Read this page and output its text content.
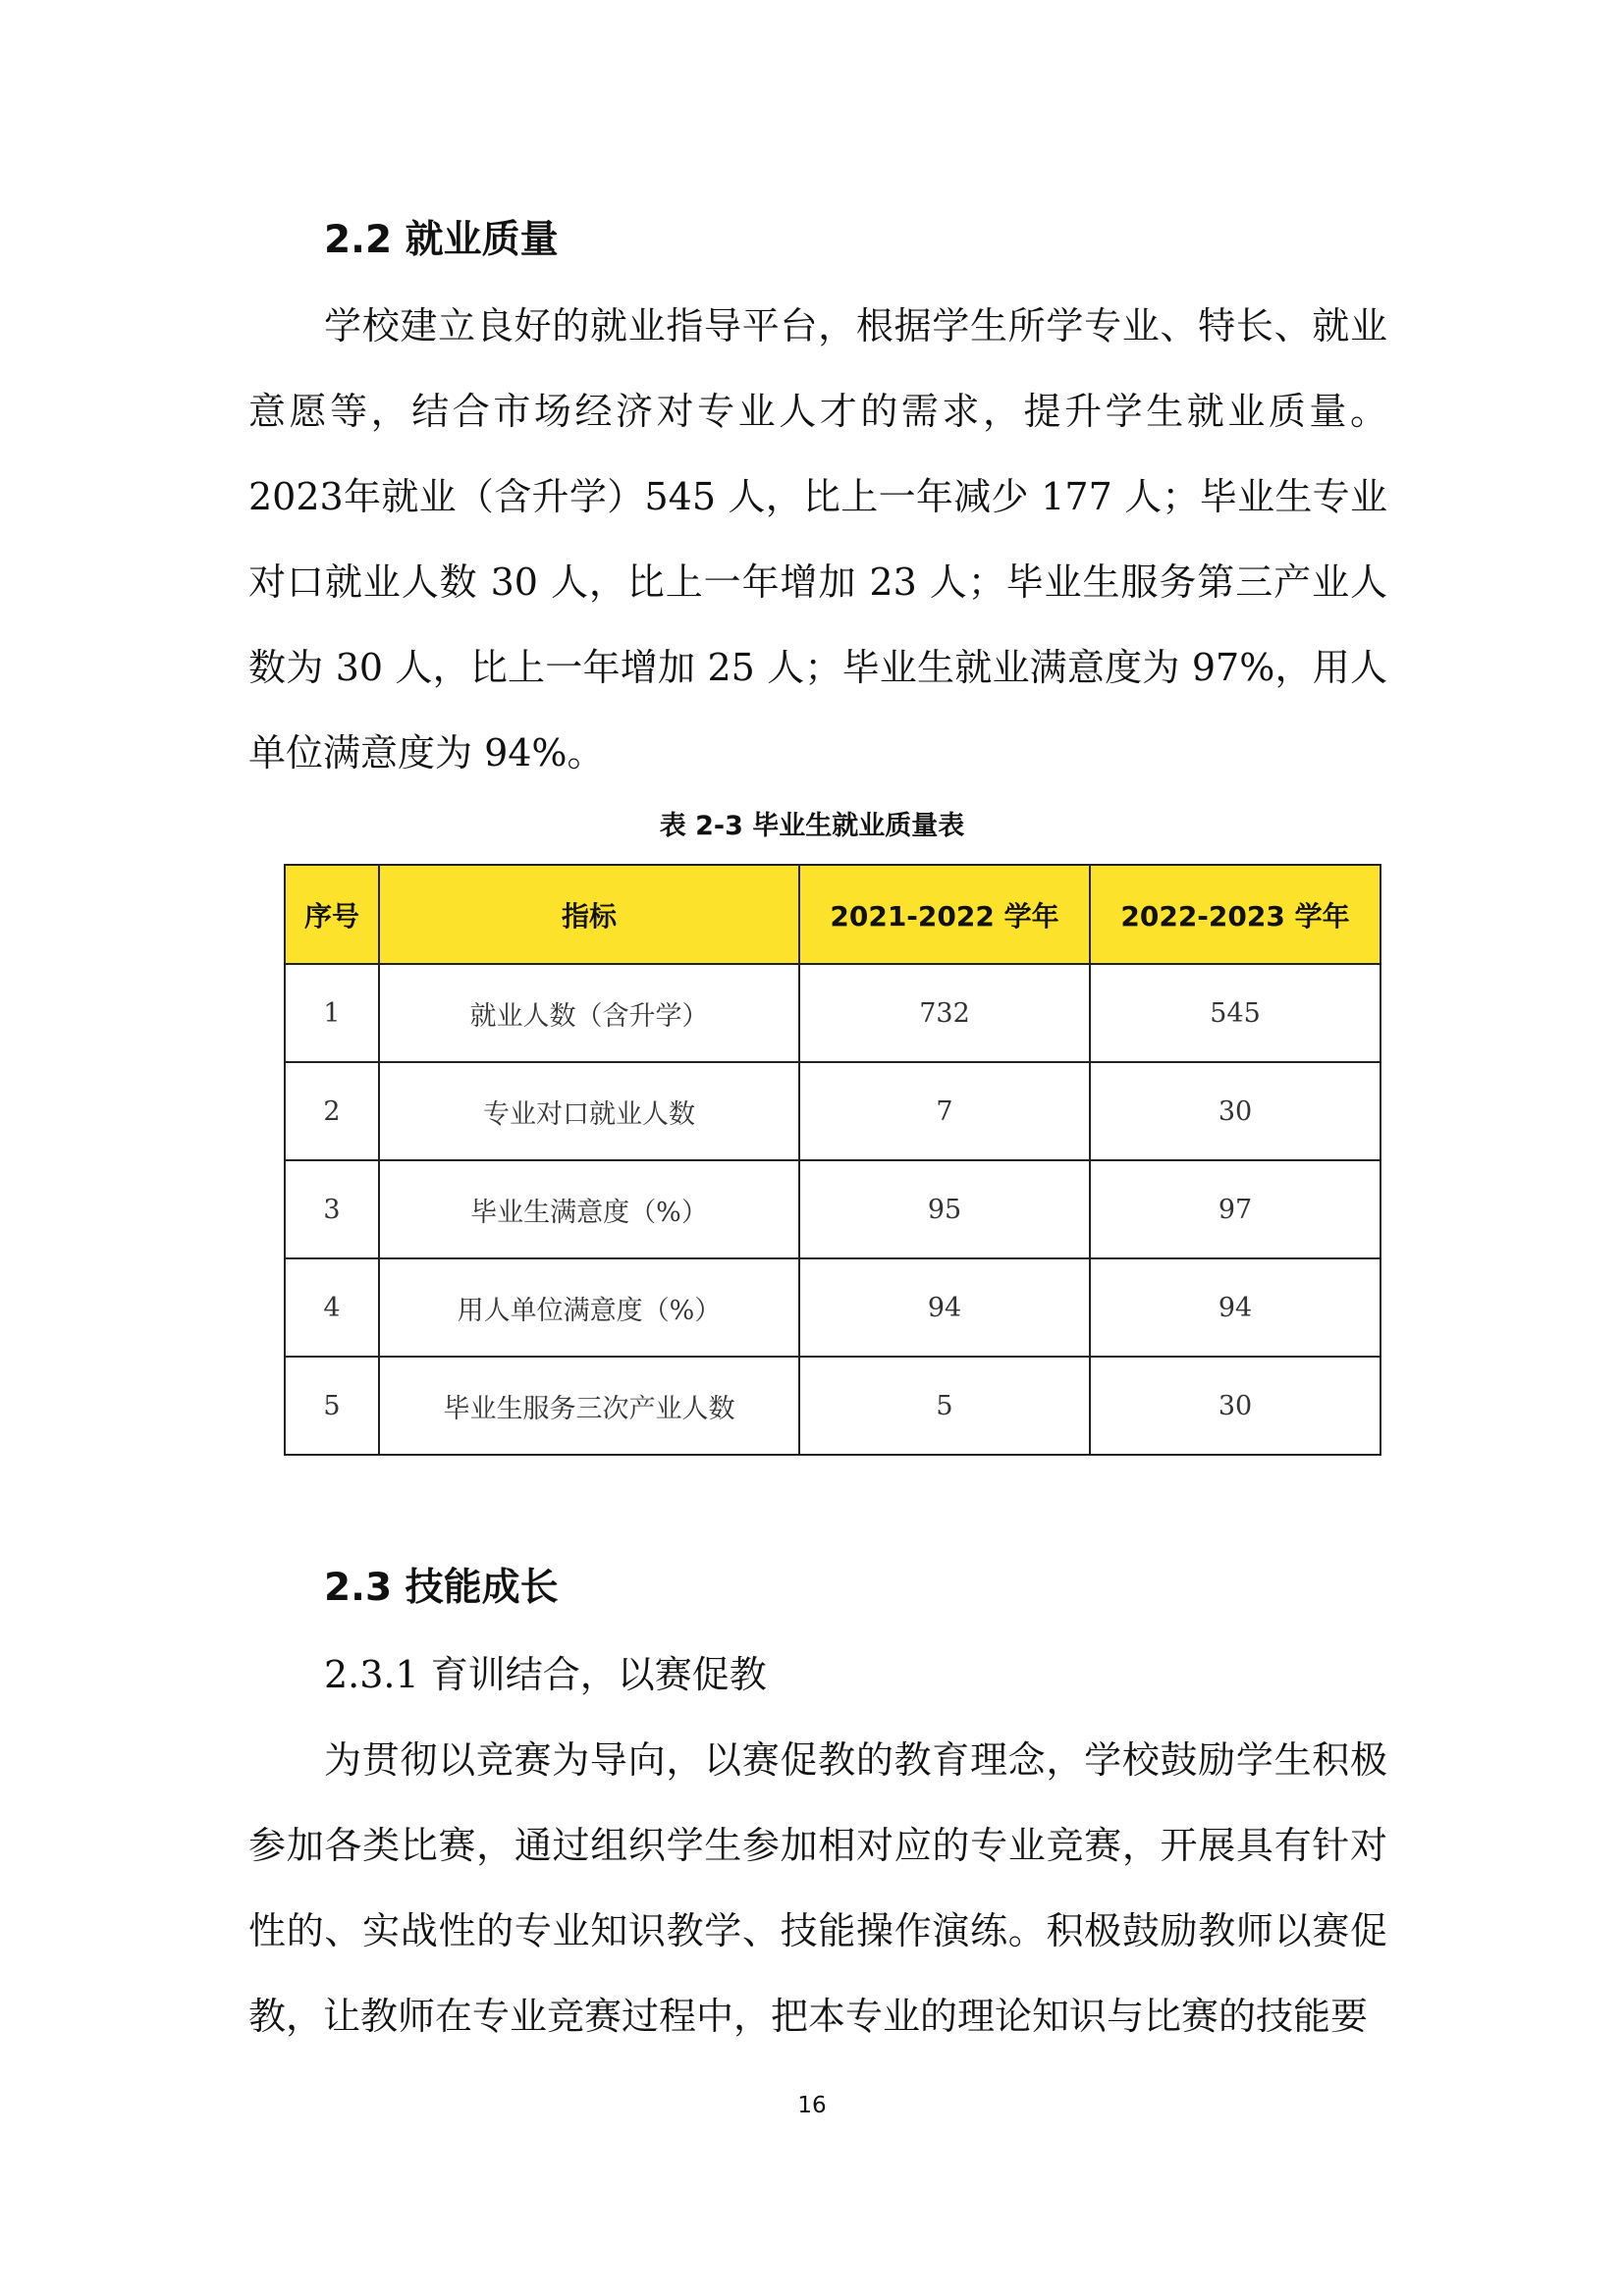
2.2 就业质量

学校建立良好的就业指导平台，根据学生所学专业、特长、就业意愿等，结合市场经济对专业人才的需求，提升学生就业质量。2023年就业（含升学）545 人，比上一年减少 177 人；毕业生专业对口就业人数 30 人，比上一年增加 23 人；毕业生服务第三产业人数为 30 人，比上一年增加 25 人；毕业生就业满意度为 97%，用人单位满意度为 94%。

表 2-3 毕业生就业质量表
序号	指标	2021-2022 学年	2022-2023 学年
1	就业人数（含升学）	732	545
2	专业对口就业人数	7	30
3	毕业生满意度（%）	95	97
4	用人单位满意度（%）	94	94
5	毕业生服务三次产业人数	5	30
2.3 技能成长
2.3.1 育训结合，以赛促教

为贯彻以竞赛为导向，以赛促教的教育理念，学校鼓励学生积极参加各类比赛，通过组织学生参加相对应的专业竞赛，开展具有针对性的、实战性的专业知识教学、技能操作演练。积极鼓励教师以赛促教，让教师在专业竞赛过程中，把本专业的理论知识与比赛的技能要

16
